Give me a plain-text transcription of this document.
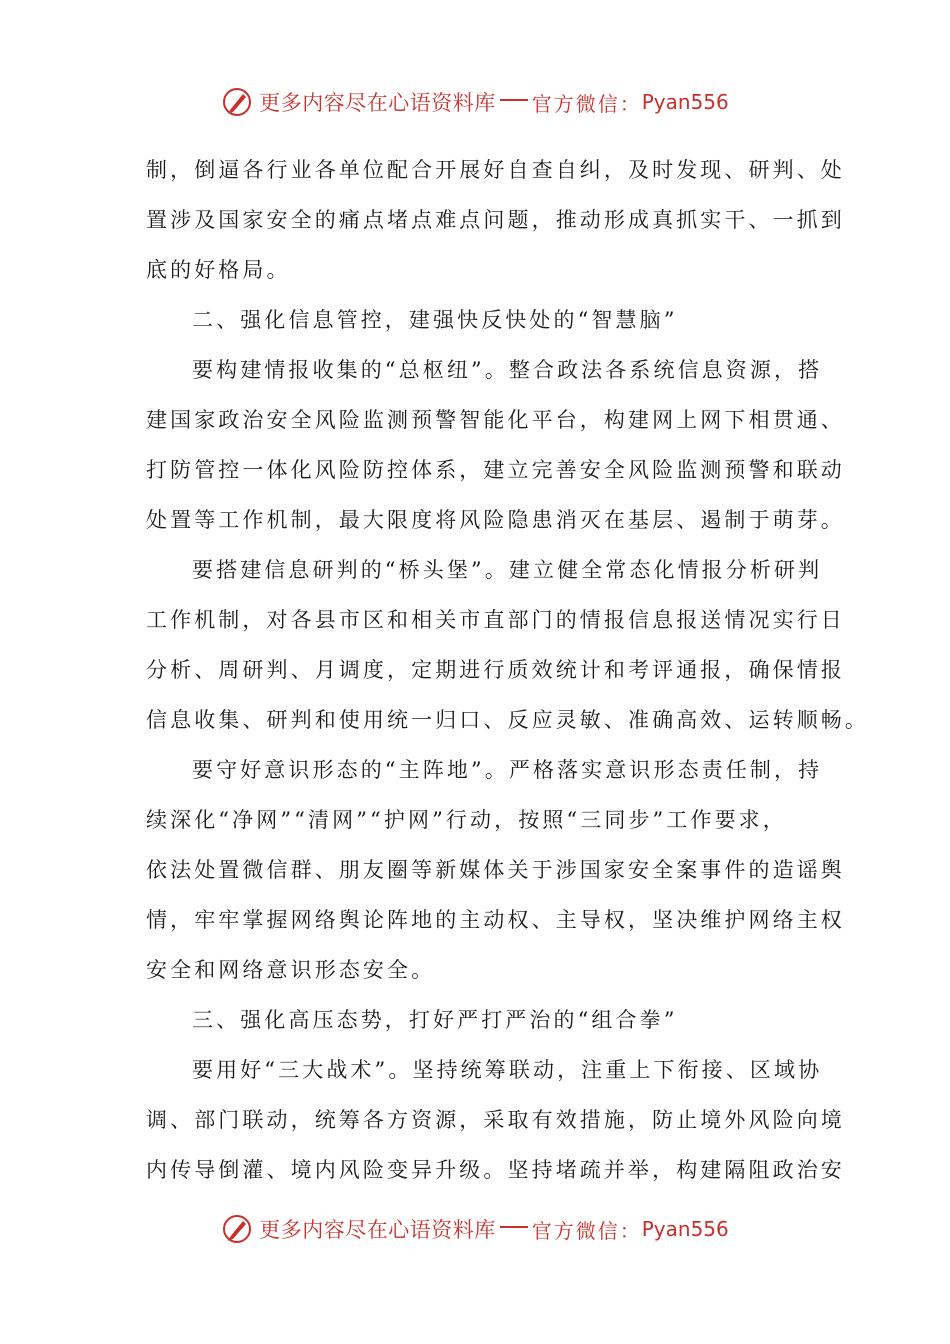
更多内容尽在心语资料库 官方微信： Pyan556
制，倒逼各行业各单位配合开展好自查自纠，及时发现、研判、处
置涉及国家安全的痛点堵点难点问题，推动形成真抓实干、一抓到
底的好格局。
二、强化信息管控，建强快反快处的“智慧脑”
要构建情报收集的“总枢纽”。整合政法各系统信息资源，搭
建国家政治安全风险监测预警智能化平台，构建网上网下相贯通、
打防管控一体化风险防控体系，建立完善安全风险监测预警和联动
处置等工作机制，最大限度将风险隐患消灭在基层、遏制于萌芽。
要搭建信息研判的“桥头堡”。建立健全常态化情报分析研判
工作机制，对各县市区和相关市直部门的情报信息报送情况实行日
分析、周研判、月调度，定期进行质效统计和考评通报，确保情报
信息收集、研判和使用统一归口、反应灵敏、准确高效、运转顺畅。
要守好意识形态的“主阵地”。严格落实意识形态责任制，持
续深化“净网”“清网”“护网”行动，按照“三同步”工作要求，
依法处置微信群、朋友圈等新媒体关于涉国家安全案事件的造谣舆
情，牢牢掌握网络舆论阵地的主动权、主导权，坚决维护网络主权
安全和网络意识形态安全。
三、强化高压态势，打好严打严治的“组合拳”
要用好“三大战术”。坚持统筹联动，注重上下衔接、区域协
调、部门联动，统筹各方资源，采取有效措施，防止境外风险向境
内传导倒灌、境内风险变异升级。坚持堵疏并举，构建隔阻政治安
更多内容尽在心语资料库 官方微信： Pyan556
